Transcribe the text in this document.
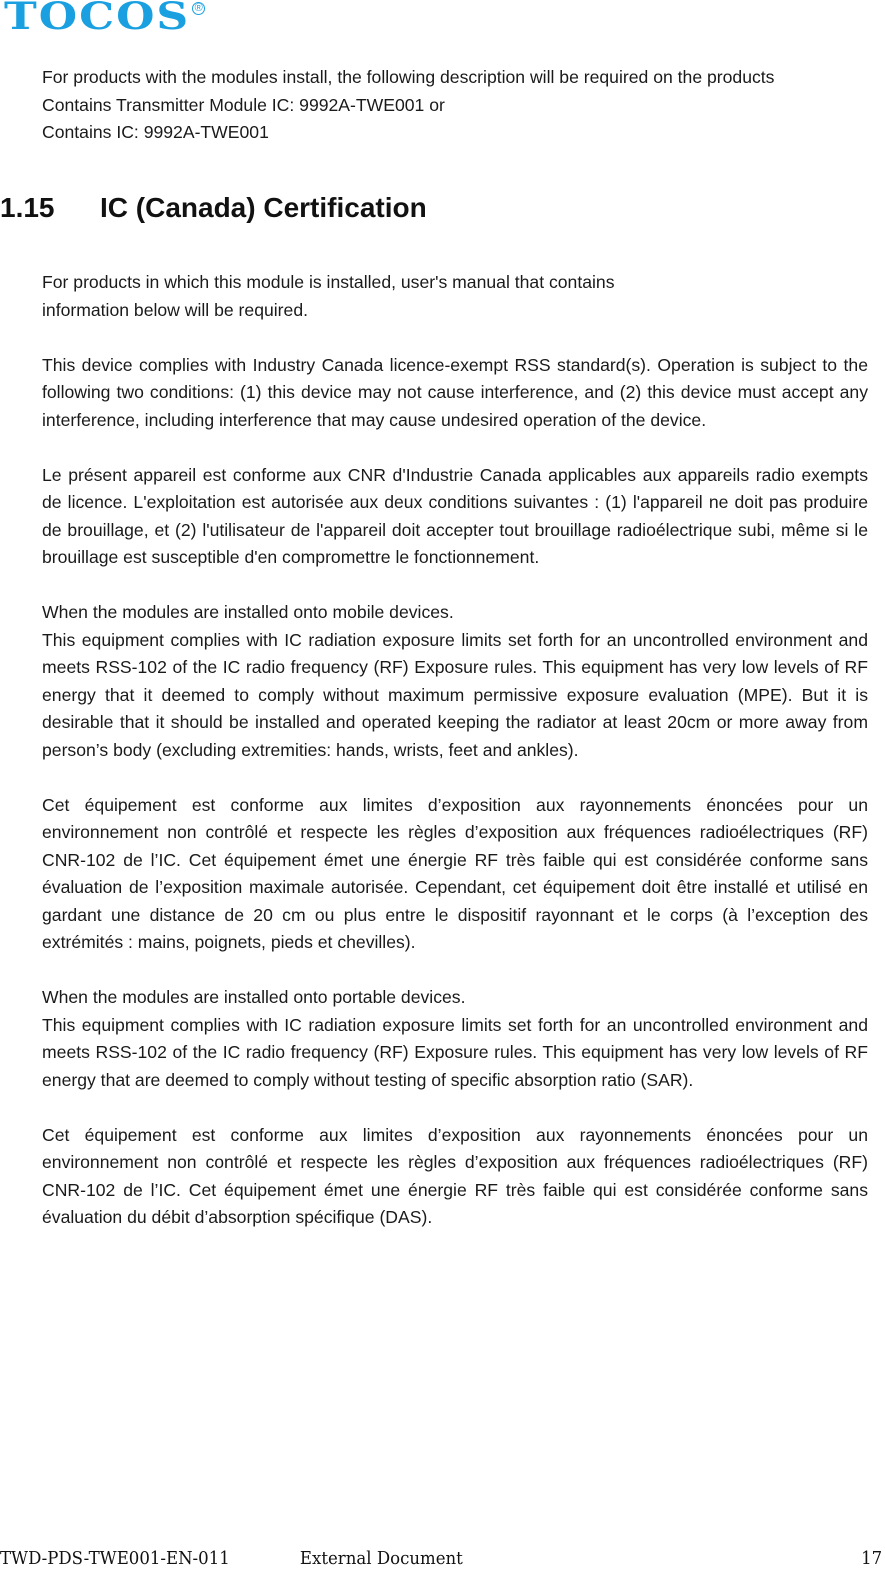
TOCOS ®

For products with the modules install, the following description will be required on the products

Contains Transmitter Module IC: 9992A-TWE001 or

Contains IC: 9992A-TWE001

1.15 IC (Canada) Certification

For products in which this module is installed, user's manual that contains

information below will be required.

This device complies with Industry Canada licence-exempt RSS standard(s). Operation is subject to the following two conditions: (1) this device may not cause interference, and (2) this device must accept any interference, including interference that may cause undesired operation of the device.

Le présent appareil est conforme aux CNR d'Industrie Canada applicables aux appareils radio exempts de licence. L'exploitation est autorisée aux deux conditions suivantes : (1) l'appareil ne doit pas produire de brouillage, et (2) l'utilisateur de l'appareil doit accepter tout brouillage radioélectrique subi, même si le brouillage est susceptible d'en compromettre le fonctionnement.

When the modules are installed onto mobile devices.

This equipment complies with IC radiation exposure limits set forth for an uncontrolled environment and meets RSS-102 of the IC radio frequency (RF) Exposure rules. This equipment has very low levels of RF energy that it deemed to comply without maximum permissive exposure evaluation (MPE). But it is desirable that it should be installed and operated keeping the radiator at least 20cm or more away from person’s body (excluding extremities: hands, wrists, feet and ankles).

Cet équipement est conforme aux limites d’exposition aux rayonnements énoncées pour un environnement non contrôlé et respecte les règles d’exposition aux fréquences radioélectriques (RF) CNR-102 de l’IC. Cet équipement émet une énergie RF très faible qui est considérée conforme sans évaluation de l’exposition maximale autorisée. Cependant, cet équipement doit être installé et utilisé en gardant une distance de 20 cm ou plus entre le dispositif rayonnant et le corps (à l’exception des extrémités : mains, poignets, pieds et chevilles).

When the modules are installed onto portable devices.

This equipment complies with IC radiation exposure limits set forth for an uncontrolled environment and meets RSS-102 of the IC radio frequency (RF) Exposure rules. This equipment has very low levels of RF energy that are deemed to comply without testing of specific absorption ratio (SAR).

Cet équipement est conforme aux limites d’exposition aux rayonnements énoncées pour un environnement non contrôlé et respecte les règles d’exposition aux fréquences radioélectriques (RF) CNR-102 de l’IC. Cet équipement émet une énergie RF très faible qui est considérée conforme sans évaluation du débit d’absorption spécifique (DAS).

TWD-PDS-TWE001-EN-011	External Document	17
